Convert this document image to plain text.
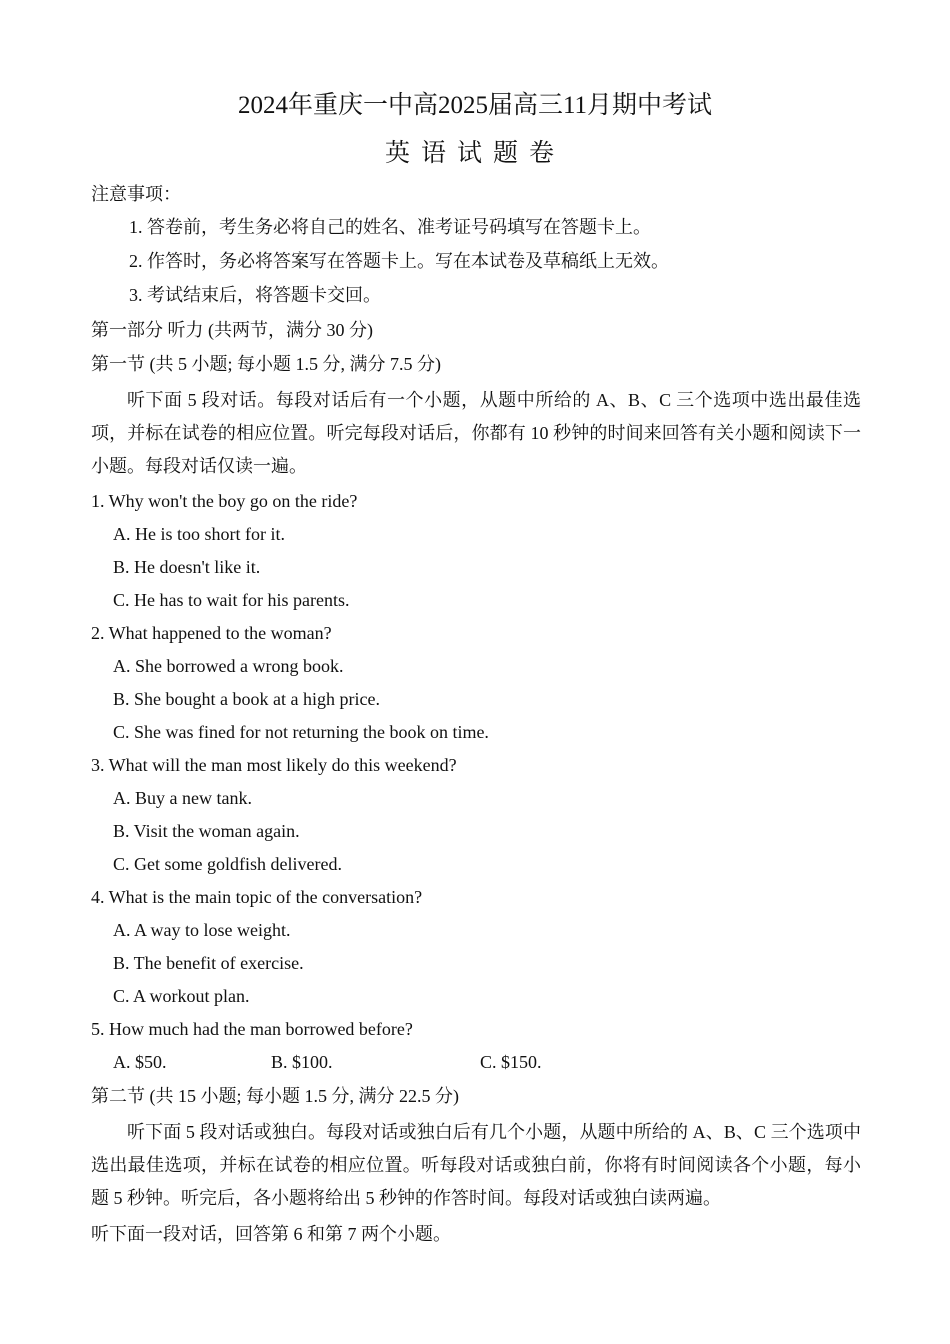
2024年重庆一中高2025届高三11月期中考试
英语试题卷
注意事项：
1. 答卷前，考生务必将自己的姓名、准考证号码填写在答题卡上。
2. 作答时，务必将答案写在答题卡上。写在本试卷及草稿纸上无效。
3. 考试结束后，将答题卡交回。
第一部分 听力 (共两节，满分 30 分)
第一节 (共 5 小题; 每小题 1.5 分, 满分 7.5 分)
听下面 5 段对话。每段对话后有一个小题，从题中所给的 A、B、C 三个选项中选出最佳选项，并标在试卷的相应位置。听完每段对话后，你都有 10 秒钟的时间来回答有关小题和阅读下一小题。每段对话仅读一遍。
1. Why won't the boy go on the ride?
A. He is too short for it.
B. He doesn't like it.
C. He has to wait for his parents.
2. What happened to the woman?
A. She borrowed a wrong book.
B. She bought a book at a high price.
C. She was fined for not returning the book on time.
3. What will the man most likely do this weekend?
A. Buy a new tank.
B. Visit the woman again.
C. Get some goldfish delivered.
4. What is the main topic of the conversation?
A. A way to lose weight.
B. The benefit of exercise.
C. A workout plan.
5. How much had the man borrowed before?
A. $50.	B. $100.	C. $150.
第二节 (共 15 小题; 每小题 1.5 分, 满分 22.5 分)
听下面 5 段对话或独白。每段对话或独白后有几个小题，从题中所给的 A、B、C 三个选项中选出最佳选项，并标在试卷的相应位置。听每段对话或独白前，你将有时间阅读各个小题，每小题 5 秒钟。听完后，各小题将给出 5 秒钟的作答时间。每段对话或独白读两遍。
听下面一段对话，回答第 6 和第 7 两个小题。
